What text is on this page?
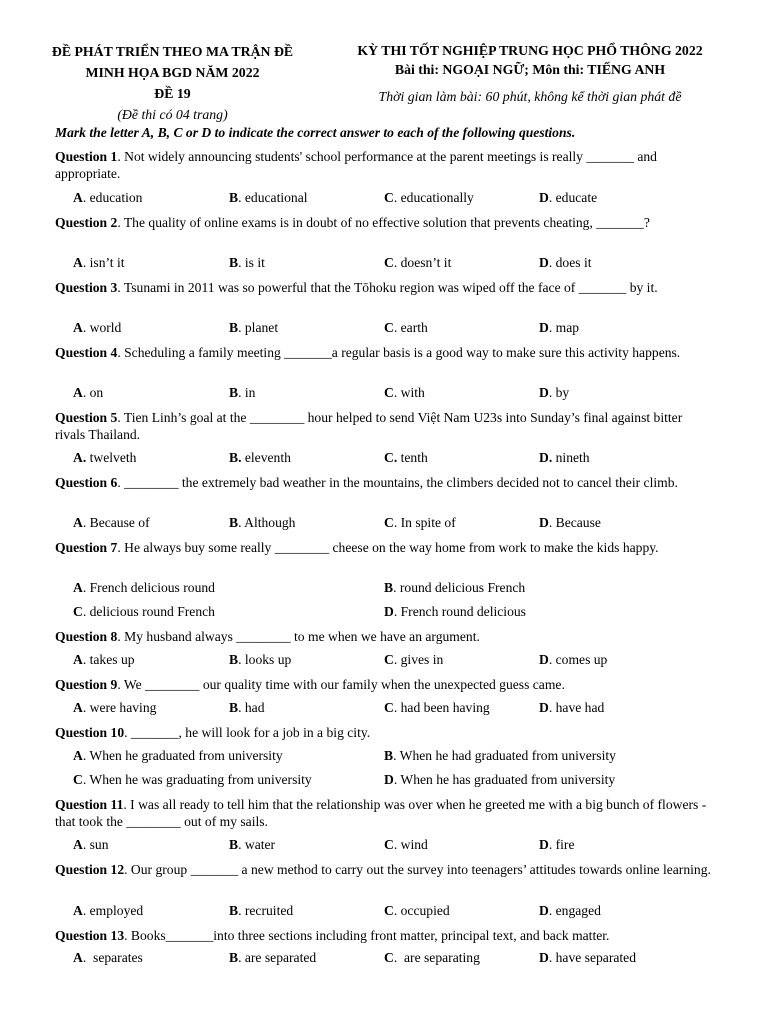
ĐỀ PHÁT TRIỂN THEO MA TRẬN ĐỀ
MINH HỌA BGD NĂM 2022
ĐỀ 19
(Đề thi có 04 trang)
KỲ THI TỐT NGHIỆP TRUNG HỌC PHỔ THÔNG 2022
Bài thi: NGOẠI NGỮ; Môn thi: TIẾNG ANH
Thời gian làm bài: 60 phút, không kể thời gian phát đề
Mark the letter A, B, C or D to indicate the correct answer to each of the following questions.
Question 1. Not widely announcing students' school performance at the parent meetings is really _______ and appropriate.
A. education	B. educational	C. educationally	D. educate
Question 2. The quality of online exams is in doubt of no effective solution that prevents cheating, _______?
A. isn’t it	B. is it	C. doesn’t it	D. does it
Question 3. Tsunami in 2011 was so powerful that the Tōhoku region was wiped off the face of _______ by it.
A. world	B. planet	C. earth	D. map
Question 4. Scheduling a family meeting _______a regular basis is a good way to make sure this activity happens.
A. on	B. in	C. with	D. by
Question 5. Tien Linh’s goal at the ________ hour helped to send Việt Nam U23s into Sunday’s final against bitter rivals Thailand.
A. twelveth	B. eleventh	C. tenth	D. nineth
Question 6. ________ the extremely bad weather in the mountains, the climbers decided not to cancel their climb.
A. Because of	B. Although	C. In spite of	D. Because
Question 7. He always buy some really ________ cheese on the way home from work to make the kids happy.
A. French delicious round	B. round delicious French
C. delicious round French	D. French round delicious
Question 8. My husband always ________ to me when we have an argument.
A. takes up	B. looks up	C. gives in	D. comes up
Question 9. We ________ our quality time with our family when the unexpected guess came.
A. were having	B. had	C. had been having	D. have had
Question 10. _______, he will look for a job in a big city.
A. When he graduated from university	B. When he had graduated from university
C. When he was graduating from university	D. When he has graduated from university
Question 11. I was all ready to tell him that the relationship was over when he greeted me with a big bunch of flowers - that took the ________ out of my sails.
A. sun	B. water	C. wind	D. fire
Question 12. Our group _______ a new method to carry out the survey into teenagers’ attitudes towards online learning.
A. employed	B. recruited	C. occupied	D. engaged
Question 13. Books_______into three sections including front matter, principal text, and back matter.
A.  separates	B. are separated	C.  are separating	D. have separated
